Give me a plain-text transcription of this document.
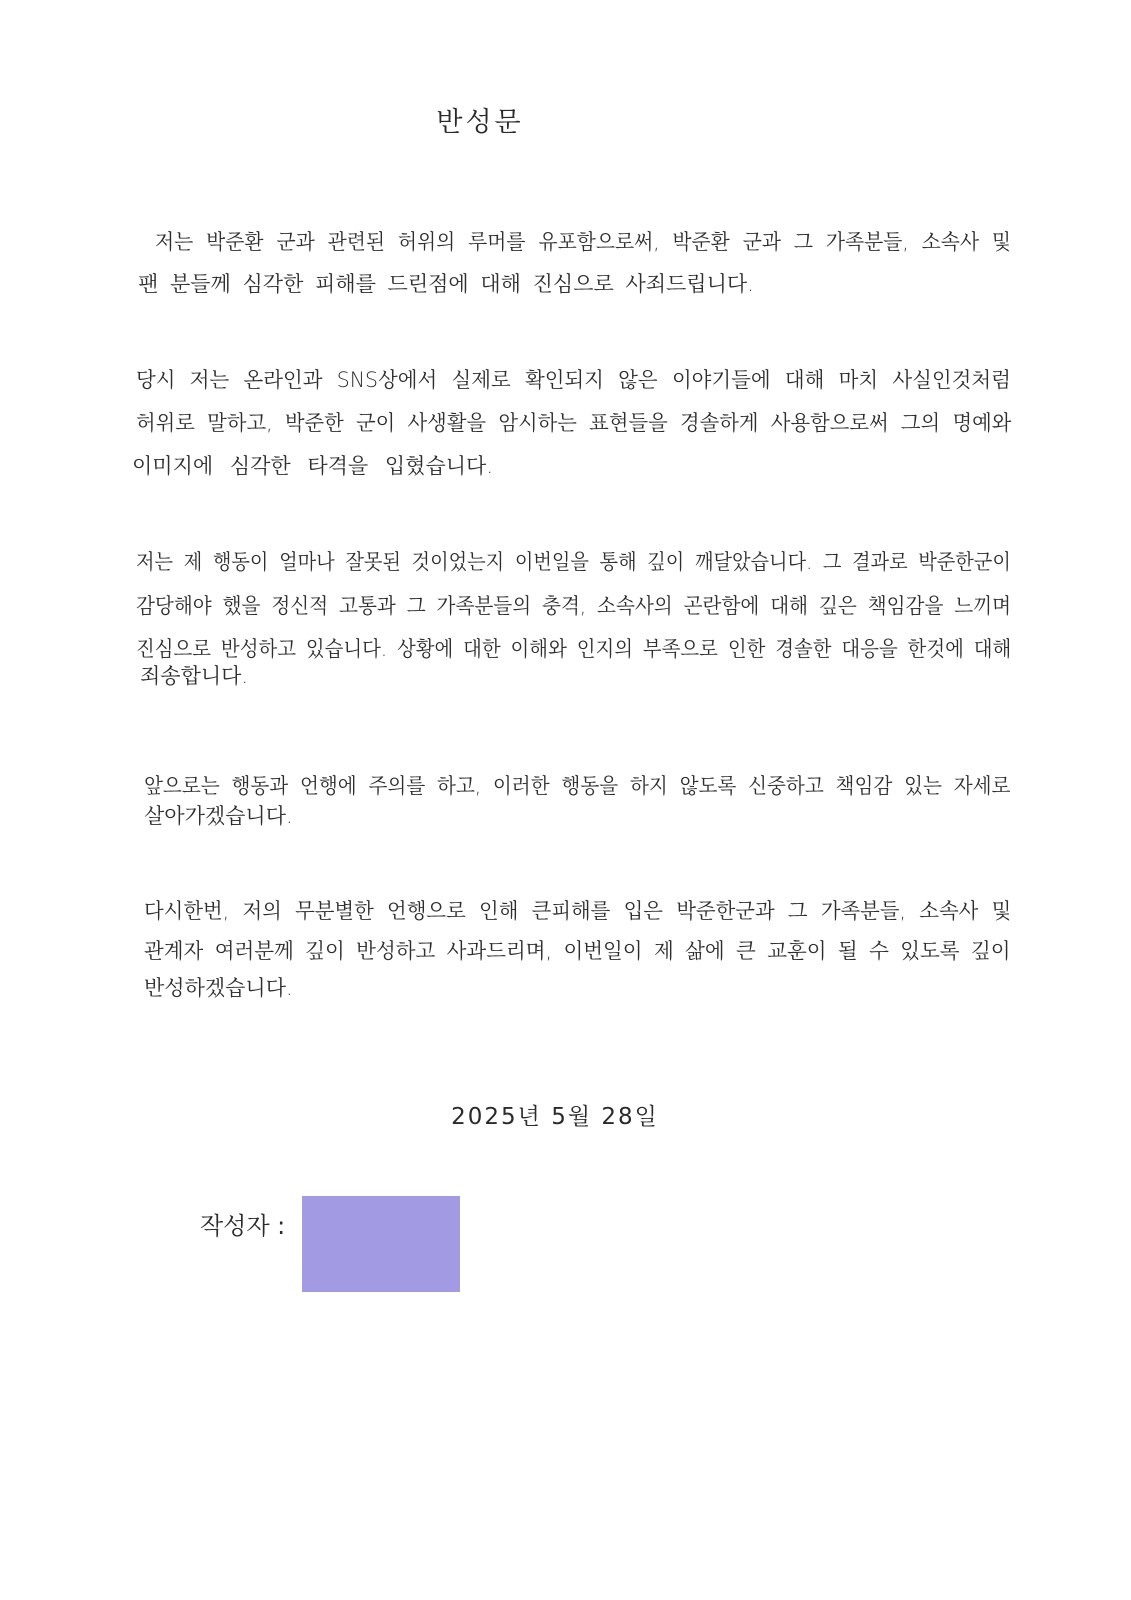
반성문
저는 박준환 군과 관련된 허위의 루머를 유포함으로써, 박준환 군과 그 가족분들, 소속사 및
팬 분들께 심각한 피해를 드린점에 대해 진심으로 사죄드립니다.
당시 저는 온라인과 SNS상에서 실제로 확인되지 않은 이야기들에 대해 마치 사실인것처럼
허위로 말하고, 박준한 군이 사생활을 암시하는 표현들을 경솔하게 사용함으로써 그의 명예와
이미지에 심각한 타격을 입혔습니다.
저는 제 행동이 얼마나 잘못된 것이었는지 이번일을 통해 깊이 깨달았습니다. 그 결과로 박준한군이
감당해야 했을 정신적 고통과 그 가족분들의 충격, 소속사의 곤란함에 대해 깊은 책임감을 느끼며
진심으로 반성하고 있습니다. 상황에 대한 이해와 인지의 부족으로 인한 경솔한 대응을 한것에 대해
죄송합니다.
앞으로는 행동과 언행에 주의를 하고, 이러한 행동을 하지 않도록 신중하고 책임감 있는 자세로
살아가겠습니다.
다시한번, 저의 무분별한 언행으로 인해 큰피해를 입은 박준한군과 그 가족분들, 소속사 및
관계자 여러분께 깊이 반성하고 사과드리며, 이번일이 제 삶에 큰 교훈이 될 수 있도록 깊이
반성하겠습니다.
2025년 5월 28일
작성자 :
